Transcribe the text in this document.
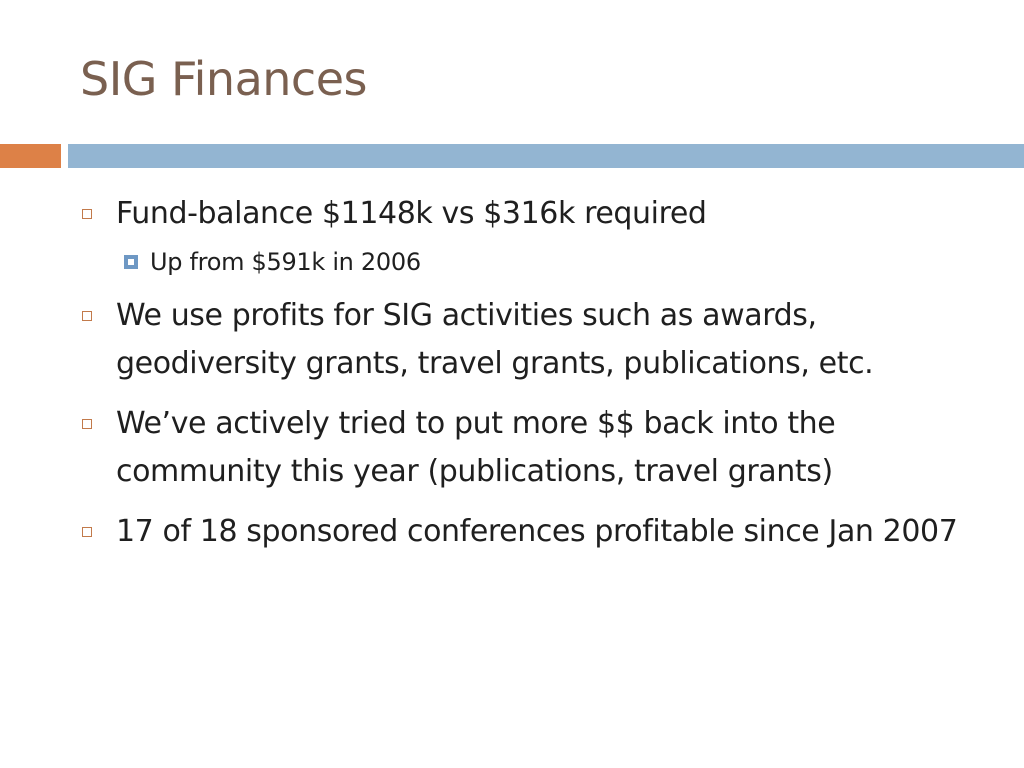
SIG Finances
Fund-balance $1148k vs $316k required
Up from $591k in 2006
We use profits for SIG activities such as awards, geodiversity grants, travel grants, publications, etc.
We’ve actively tried to put more $$ back into the community this year (publications, travel grants)
17 of 18 sponsored conferences profitable since Jan 2007
